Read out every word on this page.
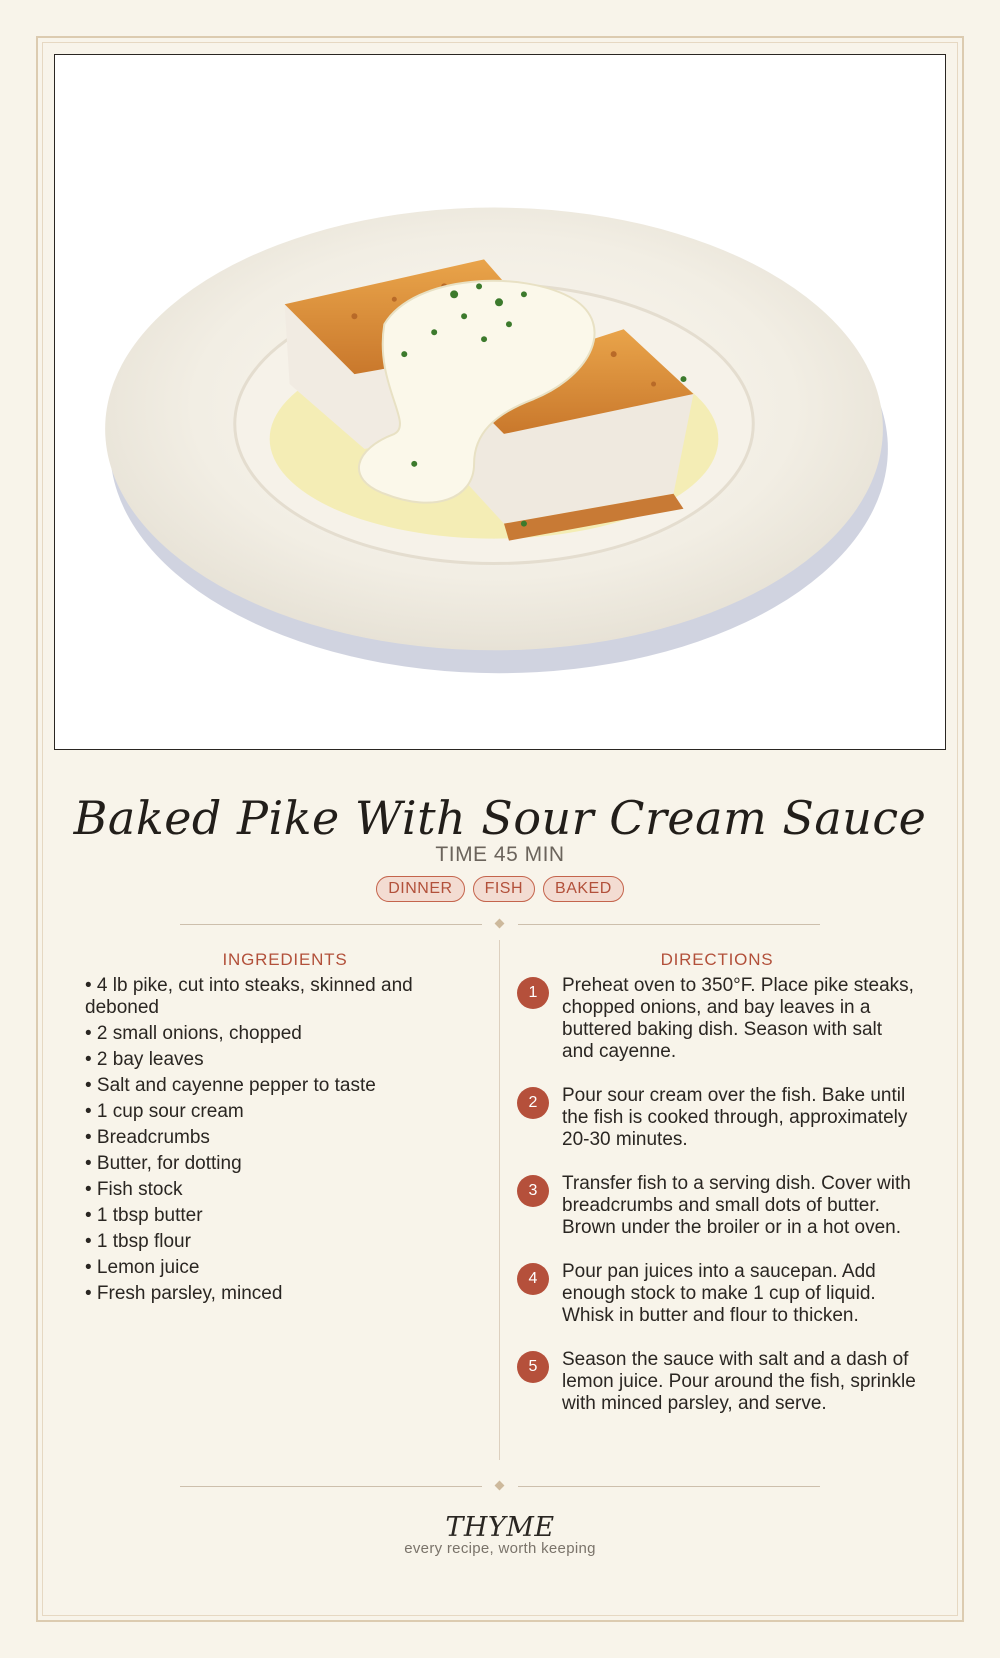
Baked Pike With Sour Cream Sauce
TIME 45 MIN
DINNER	FISH	BAKED
INGREDIENTS
• 4 lb pike, cut into steaks, skinned and deboned
• 2 small onions, chopped
• 2 bay leaves
• Salt and cayenne pepper to taste
• 1 cup sour cream
• Breadcrumbs
• Butter, for dotting
• Fish stock
• 1 tbsp butter
• 1 tbsp flour
• Lemon juice
• Fresh parsley, minced
DIRECTIONS
1	Preheat oven to 350°F. Place pike steaks, chopped onions, and bay leaves in a buttered baking dish. Season with salt and cayenne.
2	Pour sour cream over the fish. Bake until the fish is cooked through, approximately 20-30 minutes.
3	Transfer fish to a serving dish. Cover with breadcrumbs and small dots of butter. Brown under the broiler or in a hot oven.
4	Pour pan juices into a saucepan. Add enough stock to make 1 cup of liquid. Whisk in butter and flour to thicken.
5	Season the sauce with salt and a dash of lemon juice. Pour around the fish, sprinkle with minced parsley, and serve.
THYME
every recipe, worth keeping
